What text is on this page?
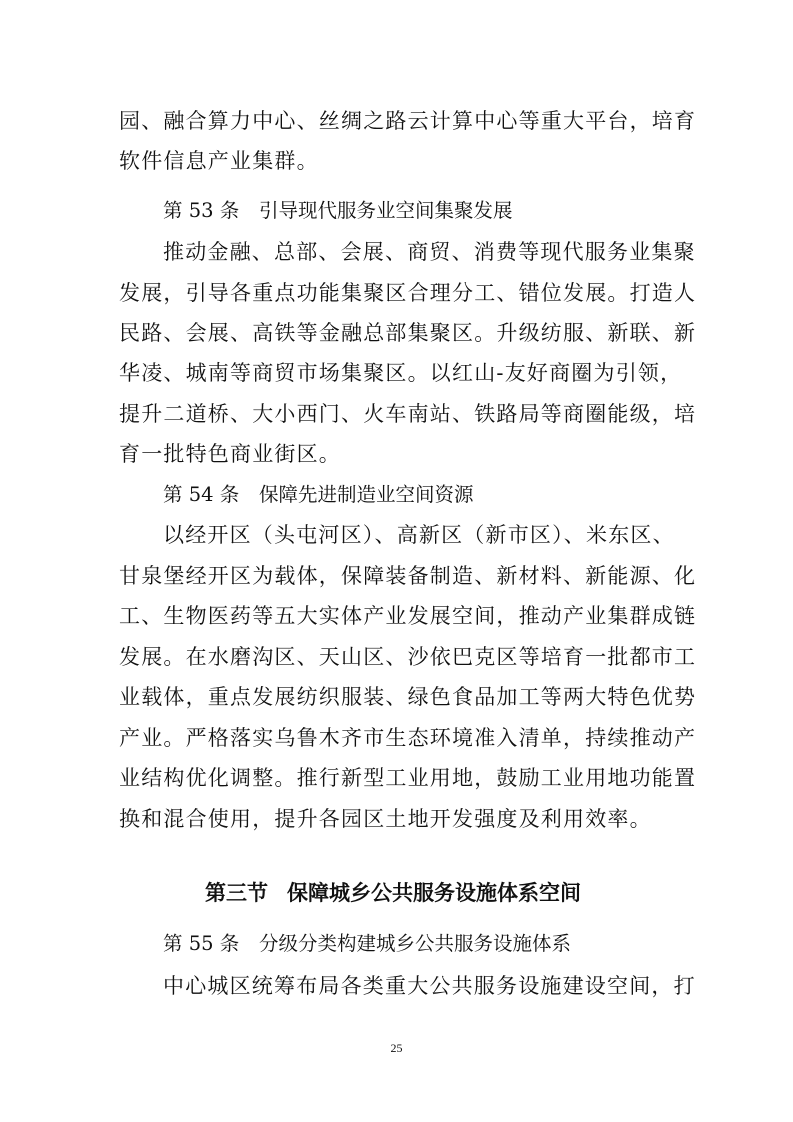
园、融合算力中心、丝绸之路云计算中心等重大平台，培育
软件信息产业集群。
第 53 条 引导现代服务业空间集聚发展
推动金融、总部、会展、商贸、消费等现代服务业集聚
发展，引导各重点功能集聚区合理分工、错位发展。打造人
民路、会展、高铁等金融总部集聚区。升级纺服、新联、新
华凌、城南等商贸市场集聚区。以红山-友好商圈为引领，
提升二道桥、大小西门、火车南站、铁路局等商圈能级，培
育一批特色商业街区。
第 54 条 保障先进制造业空间资源
以经开区（头屯河区）、高新区（新市区）、米东区、
甘泉堡经开区为载体，保障装备制造、新材料、新能源、化
工、生物医药等五大实体产业发展空间，推动产业集群成链
发展。在水磨沟区、天山区、沙依巴克区等培育一批都市工
业载体，重点发展纺织服装、绿色食品加工等两大特色优势
产业。严格落实乌鲁木齐市生态环境准入清单，持续推动产
业结构优化调整。推行新型工业用地，鼓励工业用地功能置
换和混合使用，提升各园区土地开发强度及利用效率。
第三节 保障城乡公共服务设施体系空间
第 55 条 分级分类构建城乡公共服务设施体系
中心城区统筹布局各类重大公共服务设施建设空间，打
25
